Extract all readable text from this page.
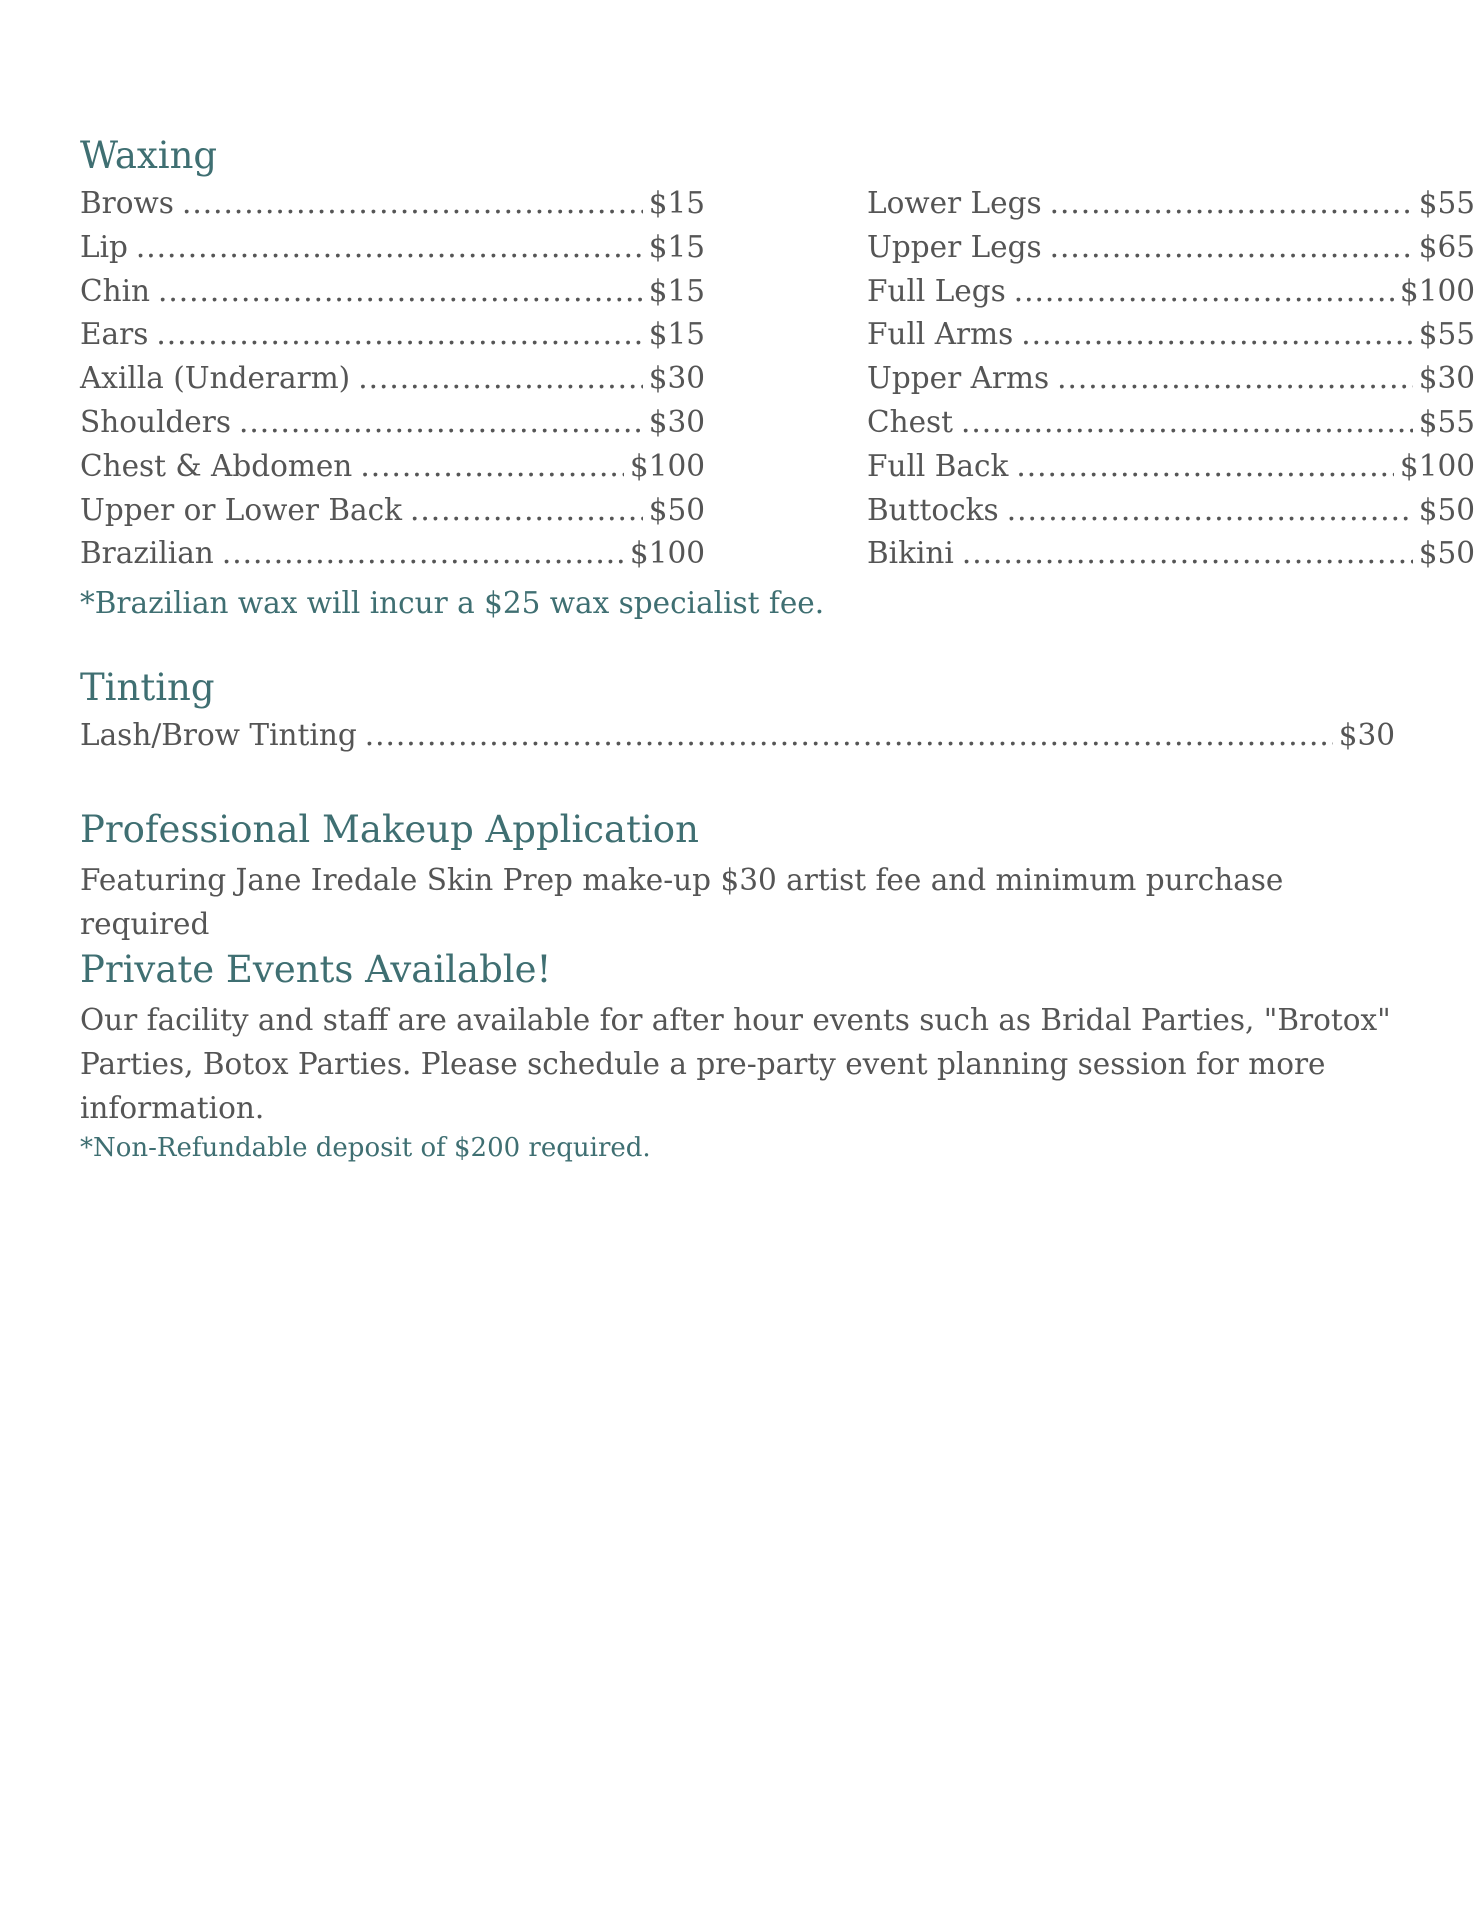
Waxing
Brows .....	$15
Lip .....	$15
Chin .....	$15
Ears .....	$15
Axilla (Underarm) .....	$30
Shoulders .....	$30
Chest & Abdomen .....	$100
Upper or Lower Back .....	$50
Brazilian .....	$100
Lower Legs .....	$55
Upper Legs .....	$65
Full Legs .....	$100
Full Arms .....	$55
Upper Arms .....	$30
Chest .....	$55
Full Back .....	$100
Buttocks .....	$50
Bikini .....	$50
*Brazilian wax will incur a $25 wax specialist fee.
Tinting
Lash/Brow Tinting .....	$30
Professional Makeup Application
Featuring Jane Iredale Skin Prep make-up $30 artist fee and minimum purchase required
Private Events Available!
Our facility and staff are available for after hour events such as Bridal Parties, "Brotox" Parties, Botox Parties. Please schedule a pre-party event planning session for more information.
*Non-Refundable deposit of $200 required.
